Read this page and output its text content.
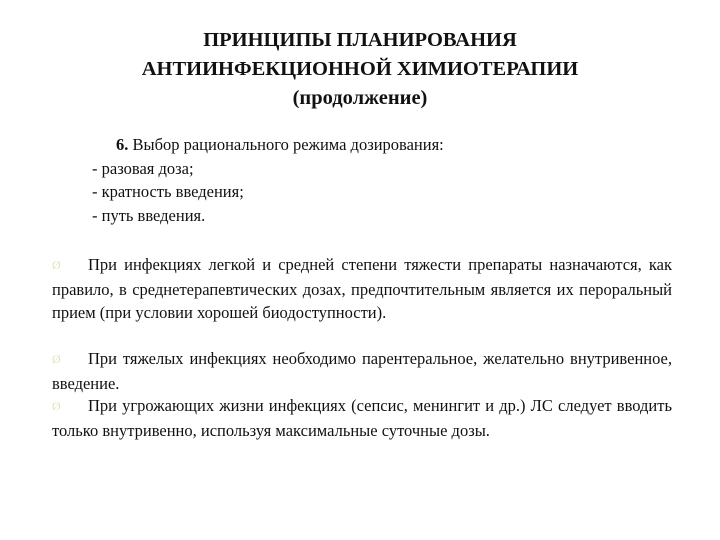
ПРИНЦИПЫ ПЛАНИРОВАНИЯ
АНТИИНФЕКЦИОННОЙ ХИМИОТЕРАПИИ
(продолжение)
6. Выбор рационального режима дозирования:
- разовая доза;
- кратность введения;
- путь введения.
Ø При инфекциях легкой и средней степени тяжести препараты назначаются, как правило, в среднетерапевтических дозах, предпочтительным является их пероральный прием (при условии хорошей биодоступности).
Ø При тяжелых инфекциях необходимо парентеральное, желательно внутривенное, введение.
Ø При угрожающих жизни инфекциях (сепсис, менингит и др.) ЛС следует вводить только внутривенно, используя максимальные суточные дозы.
